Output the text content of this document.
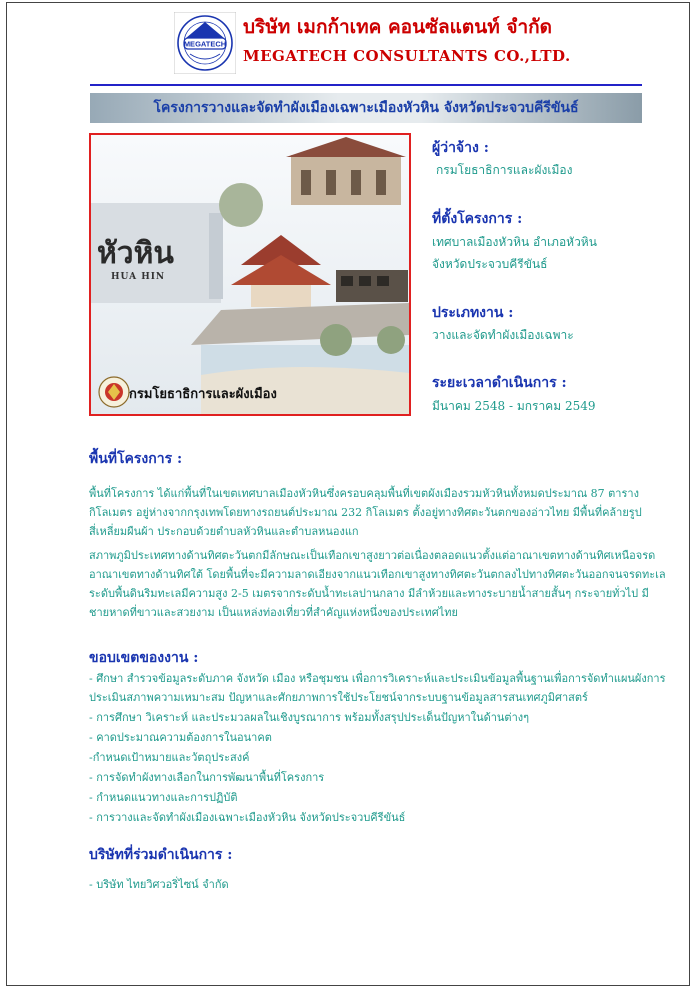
MEGATECH
บริษัท เมกก้าเทค คอนซัลแตนท์ จำกัด
MEGATECH CONSULTANTS CO.,LTD.
โครงการวางและจัดทำผังเมืองเฉพาะเมืองหัวหิน จังหวัดประจวบคีรีขันธ์
หัวหิน
HUA HIN
กรมโยธาธิการและผังเมือง
ผู้ว่าจ้าง :
กรมโยธาธิการและผังเมือง
ที่ตั้งโครงการ :
เทศบาลเมืองหัวหิน อำเภอหัวหิน
จังหวัดประจวบคีรีขันธ์
ประเภทงาน :
วางและจัดทำผังเมืองเฉพาะ
ระยะเวลาดำเนินการ :
มีนาคม 2548 - มกราคม 2549
พื้นที่โครงการ :
พื้นที่โครงการ ได้แก่พื้นที่ในเขตเทศบาลเมืองหัวหินซึ่งครอบคลุมพื้นที่เขตผังเมืองรวมหัวหินทั้งหมดประมาณ 87 ตารางกิโลเมตร อยู่ห่างจากกรุงเทพโดยทางรถยนต์ประมาณ 232 กิโลเมตร ตั้งอยู่ทางทิศตะวันตกของอ่าวไทย มีพื้นที่คล้ายรูปสี่เหลี่ยมผืนผ้า ประกอบด้วยตำบลหัวหินและตำบลหนองแก
สภาพภูมิประเทศทางด้านทิศตะวันตกมีลักษณะเป็นเทือกเขาสูงยาวต่อเนื่องตลอดแนวตั้งแต่อาณาเขตทางด้านทิศเหนือจรดอาณาเขตทางด้านทิศใต้ โดยพื้นที่จะมีความลาดเอียงจากแนวเทือกเขาสูงทางทิศตะวันตกลงไปทางทิศตะวันออกจนจรดทะเล ระดับพื้นดินริมทะเลมีความสูง 2-5 เมตรจากระดับน้ำทะเลปานกลาง มีลำห้วยและทางระบายน้ำสายสั้นๆ กระจายทั่วไป มีชายหาดที่ขาวและสวยงาม เป็นแหล่งท่องเที่ยวที่สำคัญแห่งหนึ่งของประเทศไทย
ขอบเขตของงาน :
- ศึกษา สำรวจข้อมูลระดับภาค จังหวัด เมือง หรือชุมชน เพื่อการวิเคราะห์และประเมินข้อมูลพื้นฐานเพื่อการจัดทำแผนผังการประเมินสภาพความเหมาะสม ปัญหาและศักยภาพการใช้ประโยชน์จากระบบฐานข้อมูลสารสนเทศภูมิศาสตร์
- การศึกษา วิเคราะห์ และประมวลผลในเชิงบูรณาการ พร้อมทั้งสรุปประเด็นปัญหาในด้านต่างๆ
- คาดประมาณความต้องการในอนาคต
-กำหนดเป้าหมายและวัตถุประสงค์
- การจัดทำผังทางเลือกในการพัฒนาพื้นที่โครงการ
- กำหนดแนวทางและการปฏิบัติ
- การวางและจัดทำผังเมืองเฉพาะเมืองหัวหิน จังหวัดประจวบคีรีขันธ์
บริษัทที่ร่วมดำเนินการ :
- บริษัท ไทยวิศวอริ่ไซน์ จำกัด
